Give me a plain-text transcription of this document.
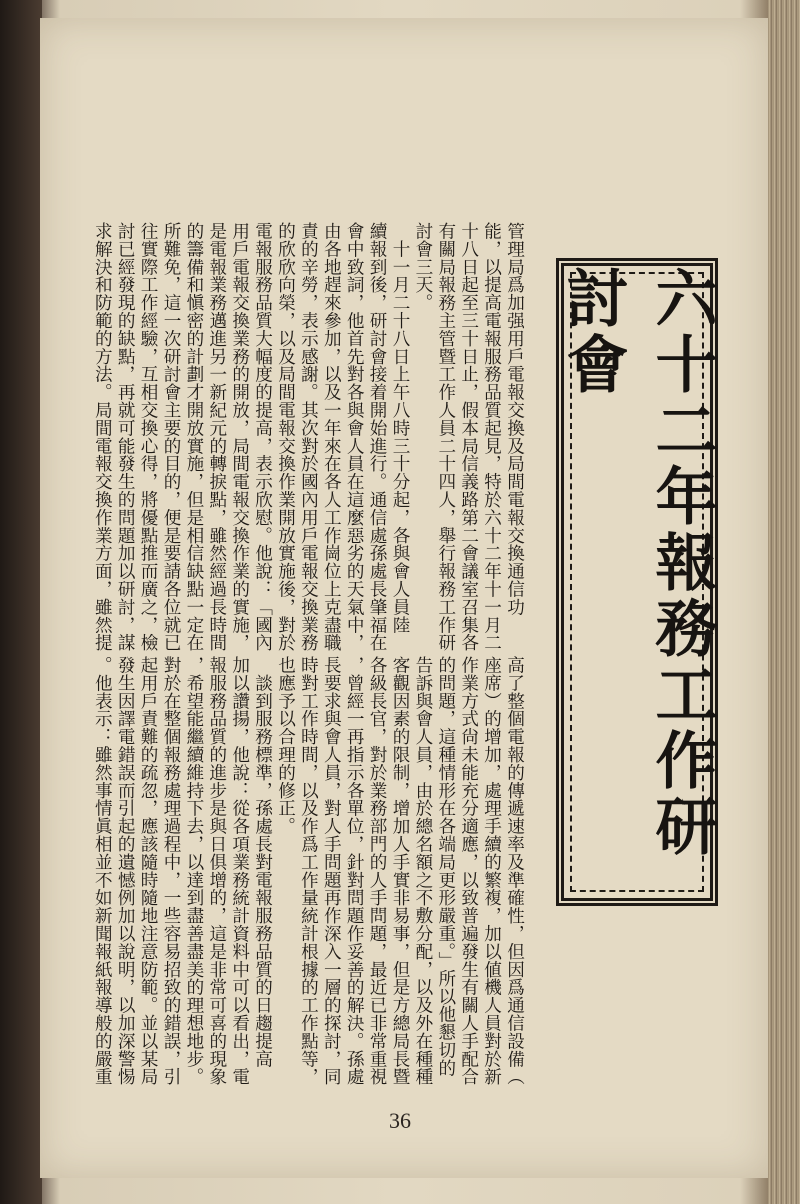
六十二年報務工作研討會
管理局爲加强用戶電報交換及局間電報交換通信功
能，以提高電報服務品質起見，特於六十二年十一月二
十八日起至三十日止，假本局信義路第二會議室召集各
有關局報務主管暨工作人員二十四人，舉行報務工作研
討會三天。
　十一月二十八日上午八時三十分起，各與會人員陸
續報到後，研討會接着開始進行。通信處孫處長肇福在
會中致詞，他首先對各與會人員在這麼惡劣的天氣中，
由各地趕來參加，以及一年來在各人工作崗位上克盡職
責的辛勞，表示感謝。其次對於國內用戶電報交換業務
的欣欣向榮，以及局間電報交換作業開放實施後，對於
電報服務品質大幅度的提高，表示欣慰。他說：「國內
用戶電報交換業務的開放，局間電報交換作業的實施，
是電報業務邁進另一新紀元的轉捩點，雖然經過長時間
的籌備和愼密的計劃才開放實施，但是相信缺點一定在
所難免，這一次研討會主要的目的，便是要請各位就已
往實際工作經驗，互相交換心得，將優點推而廣之，檢
討已經發現的缺點，再就可能發生的問題加以研討，謀
求解決和防範的方法。局間電報交換作業方面，雖然提
高了整個電報的傳遞速率及準確性，但因爲通信設備（
座席）的增加，處理手續的繁複，加以値機人員對於新
作業方式尙未能充分適應，以致普遍發生有關人手配合
的問題，這種情形在各端局更形嚴重。」所以他懇切的
告訴與會人員，由於總名額之不敷分配，以及外在種種
客觀因素的限制，增加人手實非易事，但是方總局長暨
各級長官，對於業務部門的人手問題，最近已非常重視
，曾經一再指示各單位，針對問題作妥善的解決。孫處
長要求與會人員，對人手問題再作深入一層的探討，同
時對工作時間，以及作爲工作量統計根據的工作點等，
也應予以合理的修正。
　談到服務標準，孫處長對電報服務品質的日趨提高
加以讚揚，他說：從各項業務統計資料中可以看出，電
報服務品質的進步是與日俱增的，這是非常可喜的現象
，希望能繼續維持下去，以達到盡善盡美的理想地步。
對於在整個報務處理過程中，一些容易招致的錯誤，引
起用戶責難的疏忽，應該隨時隨地注意防範。並以某局
發生因譯電錯誤而引起的遺憾例加以說明，以加深警惕
。他表示：雖然事情眞相並不如新聞報紙報導般的嚴重
36
